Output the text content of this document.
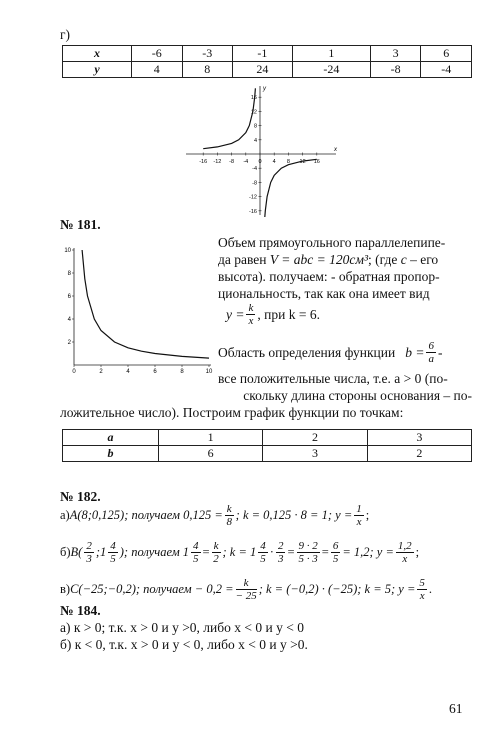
г)
x	-6	-3	-1	1	3	6
y	4	8	24	-24	-8	-4
x
y
-16 -12 -8 -4 0 4 8 12 16
16
12
8
4
-4
-8
-12
-16
№ 181.
0	2	4	6	8	10
10
8
6
4
2
Объем прямоугольного параллелепипе-
да равен V = abc = 120см³; (где c – его
высота). получаем: - обратная пропор-
циональность, так как она имеет вид
$y = \frac{k}{x}$ , при k = 6.
Область определения функции $b = \frac{6}{a}$ -
все положительные числа, т.е. a > 0 (по-
скольку длина стороны основания – по-
ложительное число). Построим график функции по точкам:
a	1	2	3
b	6	3	2
№ 182.
а) A(8;0,125); получаем $0,125 = \frac{k}{8}$ ; k = 0,125 · 8 = 1; $y = \frac{1}{x}$ ;
б) $B( \frac{2}{3}$ ;1 $\frac{4}{5}$ ); получаем $1 \frac{4}{5} = \frac{k}{2}$ ; $k = 1 \frac{4}{5} \cdot \frac{2}{3} = \frac{9 \cdot 2}{5 \cdot 3} = \frac{6}{5} = 1,2$; $y = \frac{1,2}{x}$ ;
в) C(−25;−0,2); получаем − $0,2 = \frac{k}{- 25}$ ; k = (−0,2) · (−25); k = 5; $y = \frac{5}{x}$ .
№ 184.
а) к > 0; т.к. x > 0 и y >0, либо x < 0 и y < 0
б) к < 0, т.к. x > 0 и y < 0, либо x < 0 и y >0.
61
